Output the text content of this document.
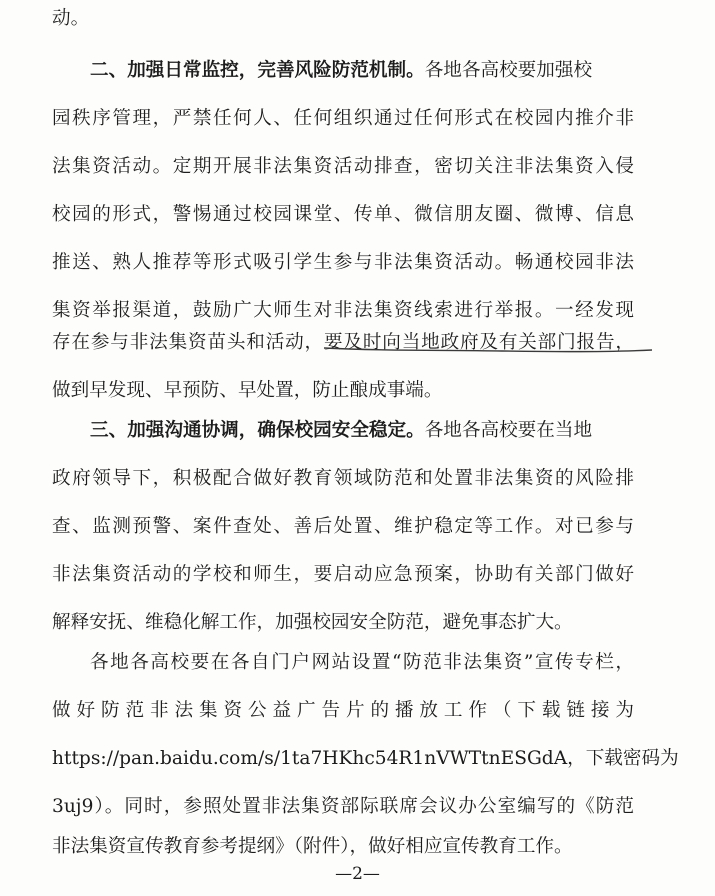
动。
二、加强日常监控，完善风险防范机制。各地各高校要加强校
园秩序管理，严禁任何人、任何组织通过任何形式在校园内推介非
法集资活动。定期开展非法集资活动排查，密切关注非法集资入侵
校园的形式，警惕通过校园课堂、传单、微信朋友圈、微博、信息
推送、熟人推荐等形式吸引学生参与非法集资活动。畅通校园非法
集资举报渠道，鼓励广大师生对非法集资线索进行举报。一经发现
存在参与非法集资苗头和活动，要及时向当地政府及有关部门报告，
做到早发现、早预防、早处置，防止酿成事端。
三、加强沟通协调，确保校园安全稳定。各地各高校要在当地
政府领导下，积极配合做好教育领域防范和处置非法集资的风险排
查、监测预警、案件查处、善后处置、维护稳定等工作。对已参与
非法集资活动的学校和师生，要启动应急预案，协助有关部门做好
解释安抚、维稳化解工作，加强校园安全防范，避免事态扩大。
各地各高校要在各自门户网站设置“防范非法集资”宣传专栏，
做好防范非法集资公益广告片的播放工作（下载链接为
https://pan.baidu.com/s/1ta7HKhc54R1nVWTtnESGdA，下载密码为
3uj9）。同时，参照处置非法集资部际联席会议办公室编写的《防范
非法集资宣传教育参考提纲》（附件），做好相应宣传教育工作。
—2—
